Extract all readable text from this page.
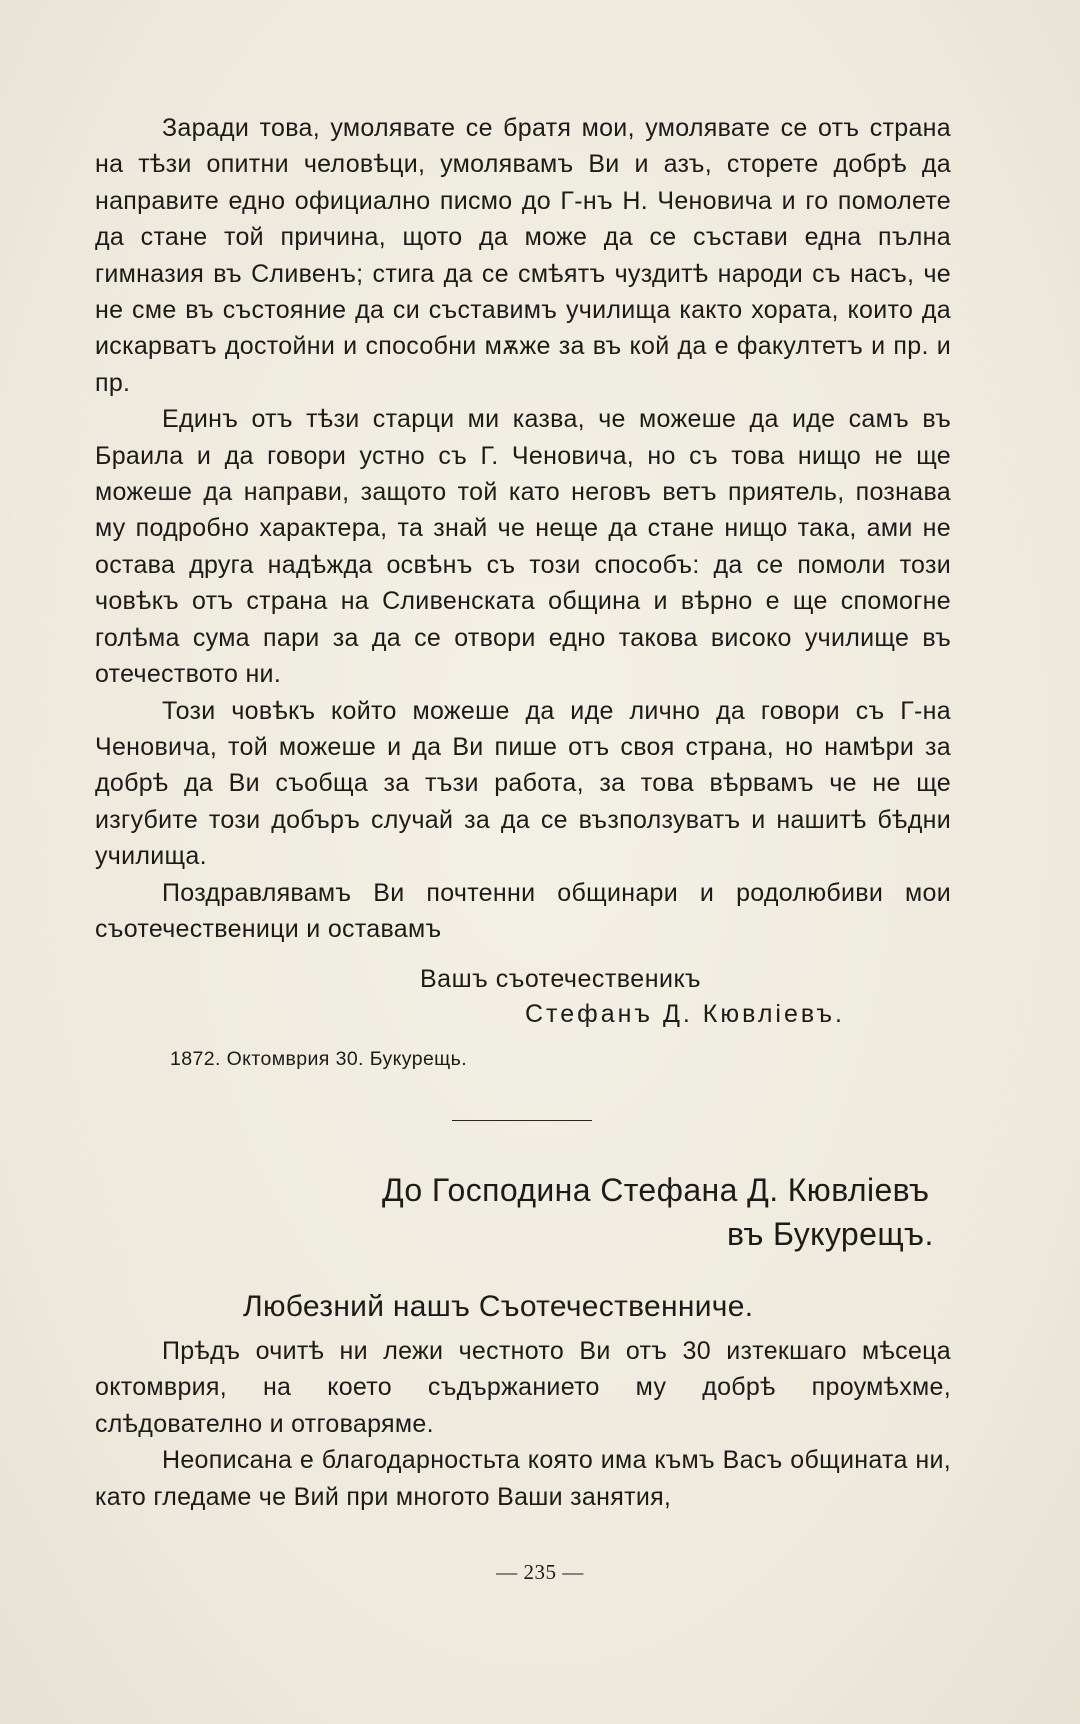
Заради това, умолявате се братя мои, умолявате се отъ страна на тѣзи опитни человѣци, умолявамъ Ви и азъ, сторете добрѣ да направите едно официално писмо до Г-нъ Н. Ченовича и го помолете да стане той причина, щото да може да се състави една пълна гимназия въ Сливенъ; стига да се смѣятъ чуздитѣ народи съ насъ, че не сме въ състояние да си съставимъ училища както хората, които да искарватъ достойни и способни мѫже за въ кой да е факултетъ и пр. и пр.

Единъ отъ тѣзи старци ми казва, че можеше да иде самъ въ Браила и да говори устно съ Г. Ченовича, но съ това нищо не ще можеше да направи, защото той като неговъ ветъ приятель, познава му подробно характера, та знай че неще да стане нищо така, ами не остава друга надѣжда освѣнъ съ този способъ: да се помоли този човѣкъ отъ страна на Сливенската община и вѣрно е ще спомогне голѣма сума пари за да се отвори едно такова високо училище въ отечеството ни.

Този човѣкъ който можеше да иде лично да говори съ Г-на Ченовича, той можеше и да Ви пише отъ своя страна, но намѣри за добрѣ да Ви съобща за тъзи работа, за това вѣрвамъ че не ще изгубите този добъръ случай за да се възползуватъ и нашитѣ бѣдни училища.

Поздравлявамъ Ви почтенни общинари и родолюбиви мои съотечественици и оставамъ

Вашъ съотечественикъ
Стефанъ Д. Кювлiевъ.
1872. Октомврия 30. Букурещь.
До Господина Стефана Д. Кювлiевъ
въ Букурещъ.
Любезний нашъ Съотечественниче.

Прѣдъ очитѣ ни лежи честното Ви отъ 30 изтекшаго мѣсеца октомврия, на което съдържанието му добрѣ проумѣхме, слѣдователно и отговаряме.

Неописана е благодарностьта която има къмъ Васъ общината ни, като гледаме че Вий при многото Ваши занятия,

— 235 —
